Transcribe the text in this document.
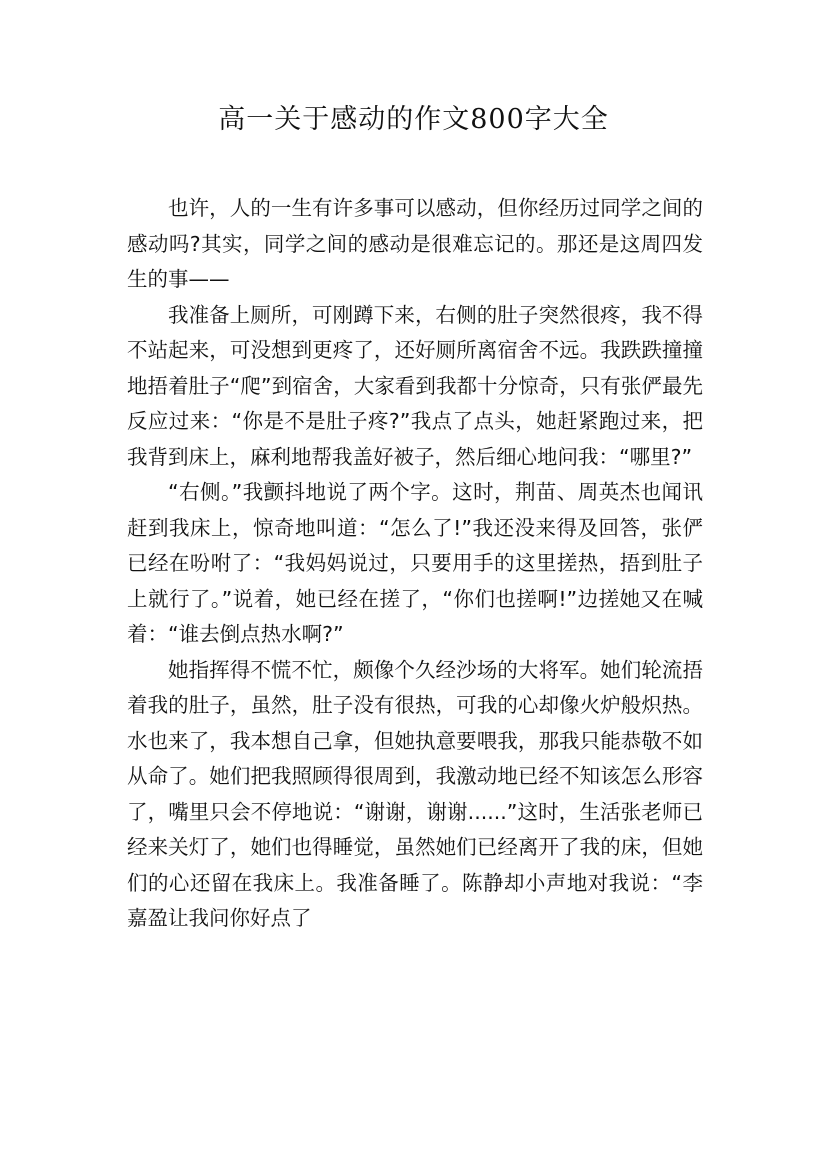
高一关于感动的作文800字大全

也许，人的一生有许多事可以感动，但你经历过同学之间的感动吗?其实，同学之间的感动是很难忘记的。那还是这周四发生的事——

我准备上厕所，可刚蹲下来，右侧的肚子突然很疼，我不得不站起来，可没想到更疼了，还好厕所离宿舍不远。我跌跌撞撞地捂着肚子“爬”到宿舍，大家看到我都十分惊奇，只有张俨最先反应过来：“你是不是肚子疼?”我点了点头，她赶紧跑过来，把我背到床上，麻利地帮我盖好被子，然后细心地问我：“哪里?”

“右侧。”我颤抖地说了两个字。这时，荆苗、周英杰也闻讯赶到我床上，惊奇地叫道：“怎么了!”我还没来得及回答，张俨已经在吩咐了：“我妈妈说过，只要用手的这里搓热，捂到肚子上就行了。”说着，她已经在搓了，“你们也搓啊!”边搓她又在喊着：“谁去倒点热水啊?”

她指挥得不慌不忙，颇像个久经沙场的大将军。她们轮流捂着我的肚子，虽然，肚子没有很热，可我的心却像火炉般炽热。水也来了，我本想自己拿，但她执意要喂我，那我只能恭敬不如从命了。她们把我照顾得很周到，我激动地已经不知该怎么形容了，嘴里只会不停地说：“谢谢，谢谢......”这时，生活张老师已经来关灯了，她们也得睡觉，虽然她们已经离开了我的床，但她们的心还留在我床上。我准备睡了。陈静却小声地对我说：“李嘉盈让我问你好点了
